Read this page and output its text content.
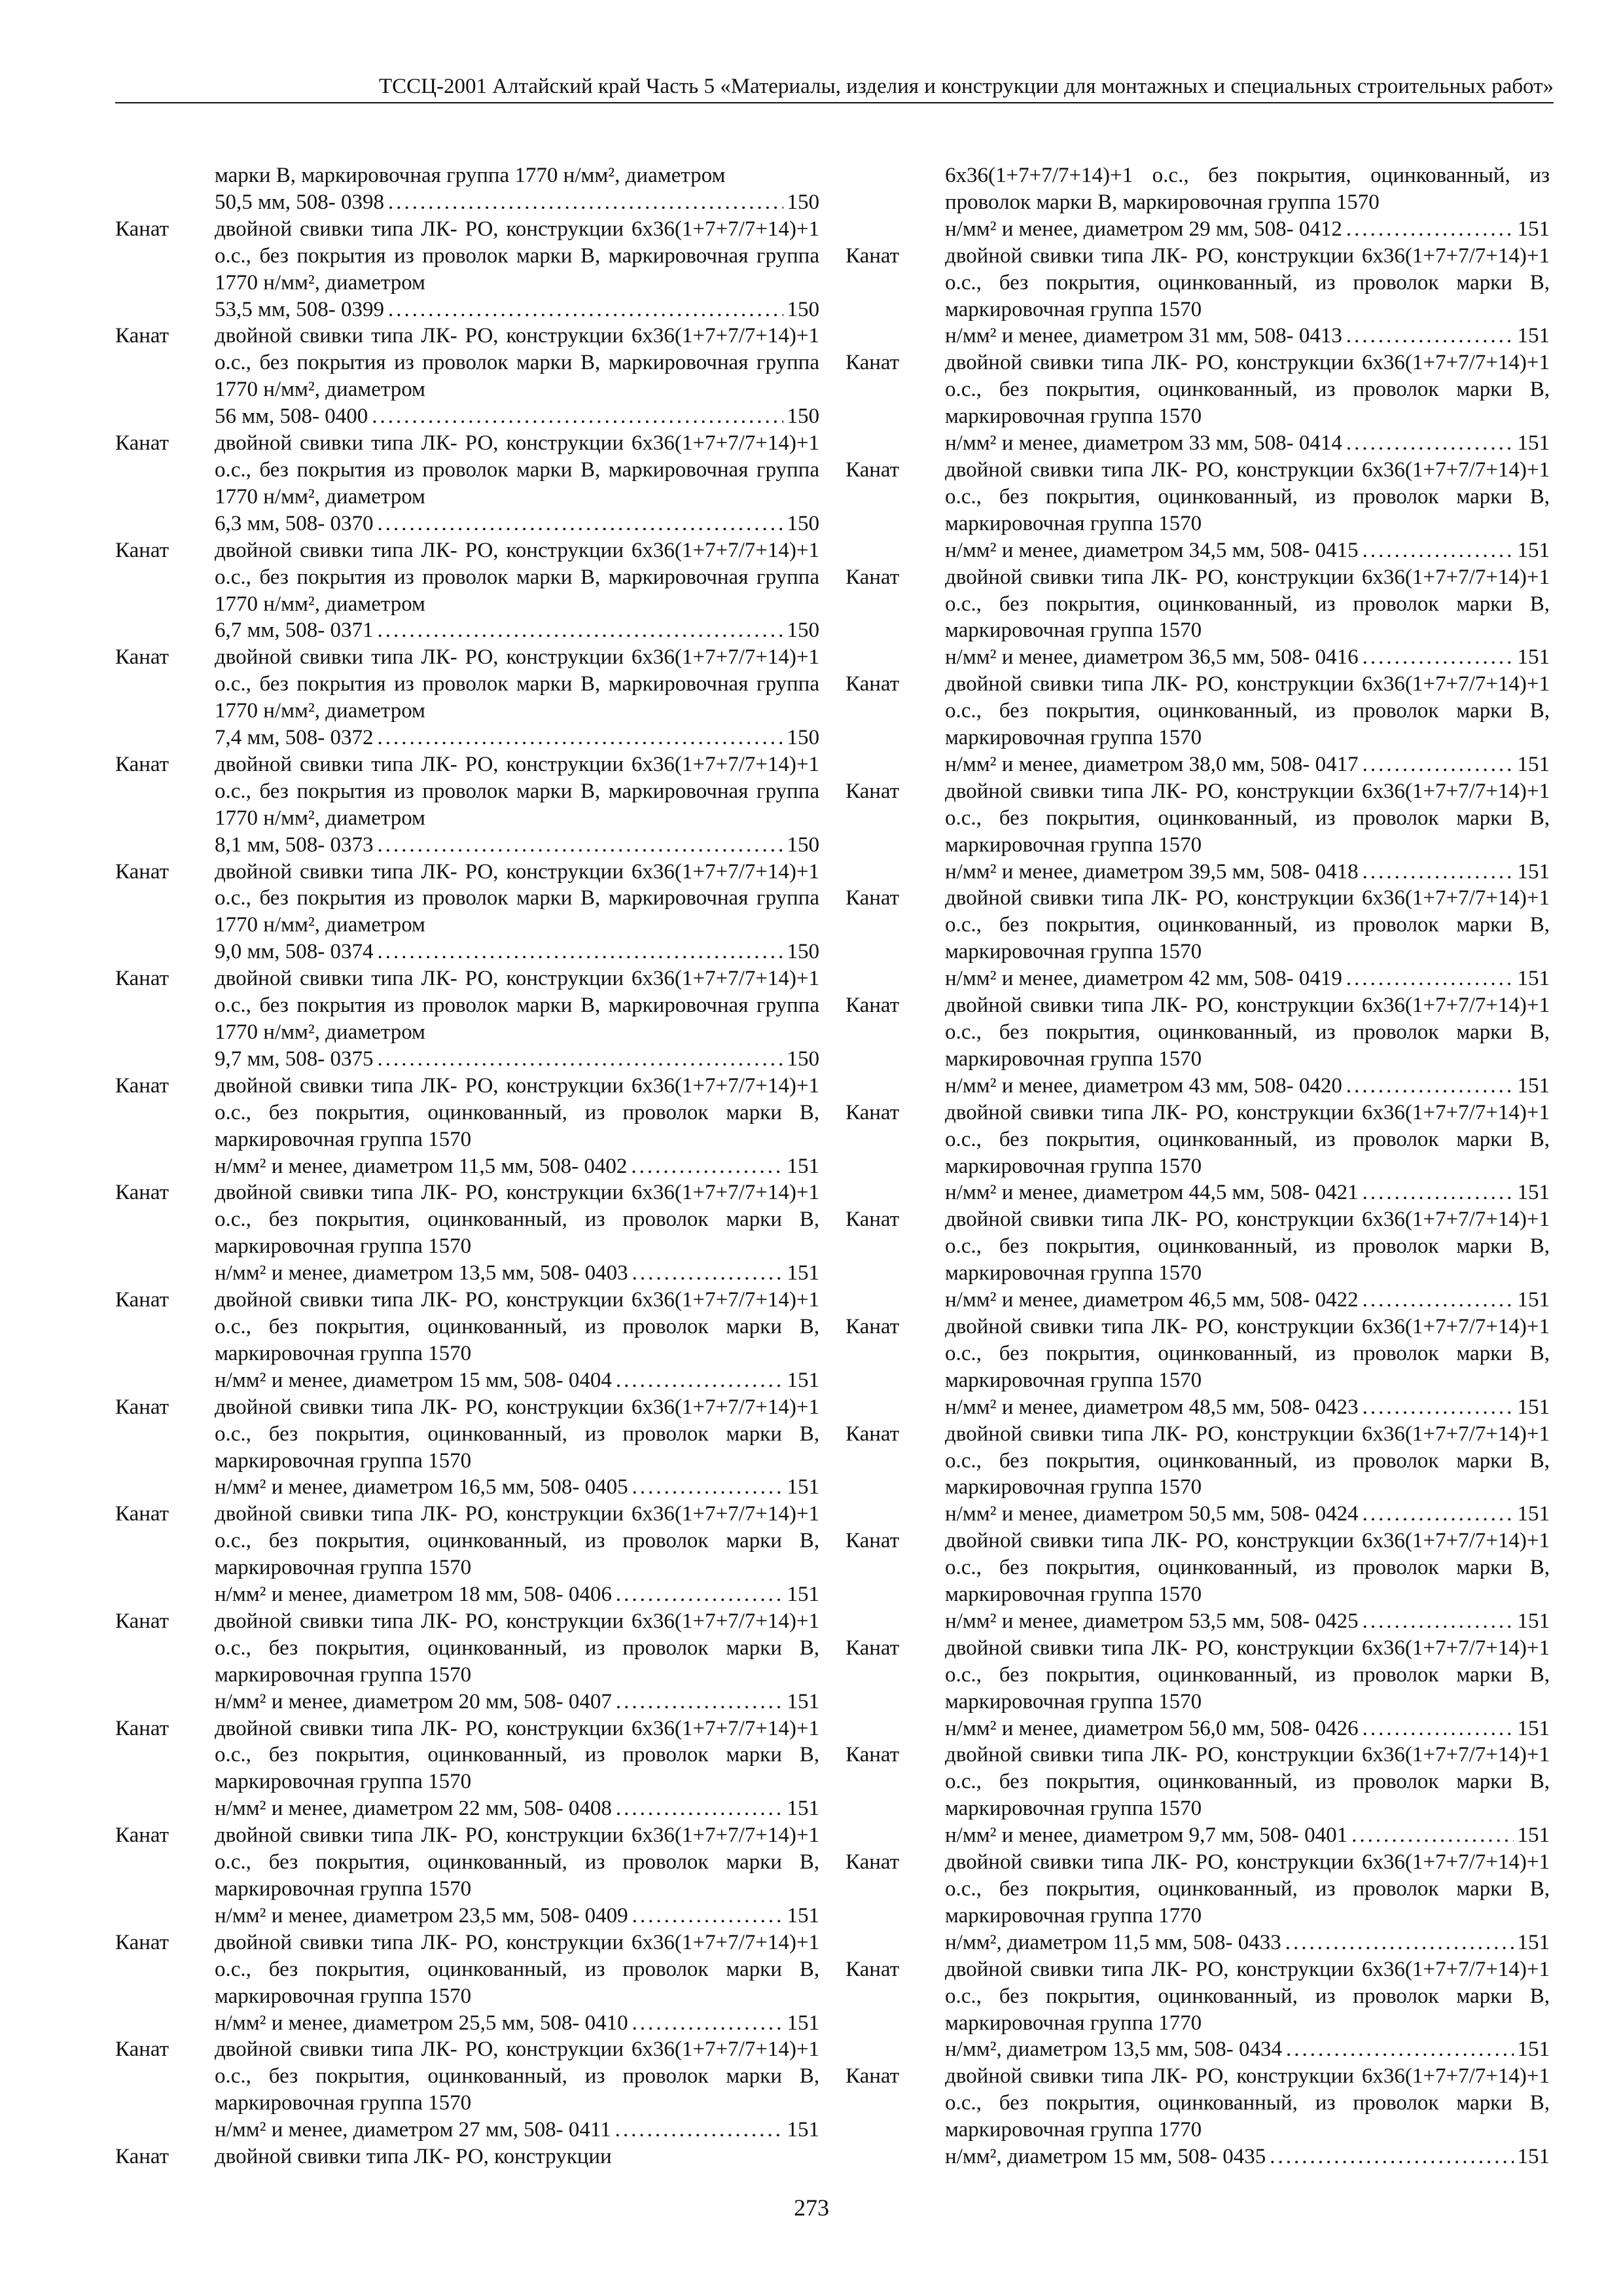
ТССЦ-2001 Алтайский край Часть 5 «Материалы, изделия и конструкции для монтажных и специальных строительных работ»
марки В, маркировочная группа 1770 н/мм², диаметром
50,5 мм, 508- 0398 .....	150
Канат	двойной свивки типа ЛК- РО, конструкции 6х36(1+7+7/7+14)+1 о.с., без покрытия из проволок марки В, маркировочная группа 1770 н/мм², диаметром
53,5 мм, 508- 0399 .....	150
Канат	двойной свивки типа ЛК- РО, конструкции 6х36(1+7+7/7+14)+1 о.с., без покрытия из проволок марки В, маркировочная группа 1770 н/мм², диаметром
56 мм, 508- 0400 .....	150
Канат	двойной свивки типа ЛК- РО, конструкции 6х36(1+7+7/7+14)+1 о.с., без покрытия из проволок марки В, маркировочная группа 1770 н/мм², диаметром
6,3 мм, 508- 0370 .....	150
Канат	двойной свивки типа ЛК- РО, конструкции 6х36(1+7+7/7+14)+1 о.с., без покрытия из проволок марки В, маркировочная группа 1770 н/мм², диаметром
6,7 мм, 508- 0371 .....	150
Канат	двойной свивки типа ЛК- РО, конструкции 6х36(1+7+7/7+14)+1 о.с., без покрытия из проволок марки В, маркировочная группа 1770 н/мм², диаметром
7,4 мм, 508- 0372 .....	150
Канат	двойной свивки типа ЛК- РО, конструкции 6х36(1+7+7/7+14)+1 о.с., без покрытия из проволок марки В, маркировочная группа 1770 н/мм², диаметром
8,1 мм, 508- 0373 .....	150
Канат	двойной свивки типа ЛК- РО, конструкции 6х36(1+7+7/7+14)+1 о.с., без покрытия из проволок марки В, маркировочная группа 1770 н/мм², диаметром
9,0 мм, 508- 0374 .....	150
Канат	двойной свивки типа ЛК- РО, конструкции 6х36(1+7+7/7+14)+1 о.с., без покрытия из проволок марки В, маркировочная группа 1770 н/мм², диаметром
9,7 мм, 508- 0375 .....	150
Канат	двойной свивки типа ЛК- РО, конструкции 6х36(1+7+7/7+14)+1 о.с., без покрытия, оцинкованный, из проволок марки В, маркировочная группа 1570
н/мм² и менее, диаметром 11,5 мм, 508- 0402 .....	151
Канат	двойной свивки типа ЛК- РО, конструкции 6х36(1+7+7/7+14)+1 о.с., без покрытия, оцинкованный, из проволок марки В, маркировочная группа 1570
н/мм² и менее, диаметром 13,5 мм, 508- 0403 .....	151
Канат	двойной свивки типа ЛК- РО, конструкции 6х36(1+7+7/7+14)+1 о.с., без покрытия, оцинкованный, из проволок марки В, маркировочная группа 1570
н/мм² и менее, диаметром 15 мм, 508- 0404 .....	151
Канат	двойной свивки типа ЛК- РО, конструкции 6х36(1+7+7/7+14)+1 о.с., без покрытия, оцинкованный, из проволок марки В, маркировочная группа 1570
н/мм² и менее, диаметром 16,5 мм, 508- 0405 .....	151
Канат	двойной свивки типа ЛК- РО, конструкции 6х36(1+7+7/7+14)+1 о.с., без покрытия, оцинкованный, из проволок марки В, маркировочная группа 1570
н/мм² и менее, диаметром 18 мм, 508- 0406 .....	151
Канат	двойной свивки типа ЛК- РО, конструкции 6х36(1+7+7/7+14)+1 о.с., без покрытия, оцинкованный, из проволок марки В, маркировочная группа 1570
н/мм² и менее, диаметром 20 мм, 508- 0407 .....	151
Канат	двойной свивки типа ЛК- РО, конструкции 6х36(1+7+7/7+14)+1 о.с., без покрытия, оцинкованный, из проволок марки В, маркировочная группа 1570
н/мм² и менее, диаметром 22 мм, 508- 0408 .....	151
Канат	двойной свивки типа ЛК- РО, конструкции 6х36(1+7+7/7+14)+1 о.с., без покрытия, оцинкованный, из проволок марки В, маркировочная группа 1570
н/мм² и менее, диаметром 23,5 мм, 508- 0409 .....	151
Канат	двойной свивки типа ЛК- РО, конструкции 6х36(1+7+7/7+14)+1 о.с., без покрытия, оцинкованный, из проволок марки В, маркировочная группа 1570
н/мм² и менее, диаметром 25,5 мм, 508- 0410 .....	151
Канат	двойной свивки типа ЛК- РО, конструкции 6х36(1+7+7/7+14)+1 о.с., без покрытия, оцинкованный, из проволок марки В, маркировочная группа 1570
н/мм² и менее, диаметром 27 мм, 508- 0411 .....	151
Канат	двойной свивки типа ЛК- РО, конструкции
6х36(1+7+7/7+14)+1 о.с., без покрытия, оцинкованный, из проволок марки В, маркировочная группа 1570
н/мм² и менее, диаметром 29 мм, 508- 0412 .....	151
Канат	двойной свивки типа ЛК- РО, конструкции 6х36(1+7+7/7+14)+1 о.с., без покрытия, оцинкованный, из проволок марки В, маркировочная группа 1570
н/мм² и менее, диаметром 31 мм, 508- 0413 .....	151
Канат	двойной свивки типа ЛК- РО, конструкции 6х36(1+7+7/7+14)+1 о.с., без покрытия, оцинкованный, из проволок марки В, маркировочная группа 1570
н/мм² и менее, диаметром 33 мм, 508- 0414 .....	151
Канат	двойной свивки типа ЛК- РО, конструкции 6х36(1+7+7/7+14)+1 о.с., без покрытия, оцинкованный, из проволок марки В, маркировочная группа 1570
н/мм² и менее, диаметром 34,5 мм, 508- 0415 .....	151
Канат	двойной свивки типа ЛК- РО, конструкции 6х36(1+7+7/7+14)+1 о.с., без покрытия, оцинкованный, из проволок марки В, маркировочная группа 1570
н/мм² и менее, диаметром 36,5 мм, 508- 0416 .....	151
Канат	двойной свивки типа ЛК- РО, конструкции 6х36(1+7+7/7+14)+1 о.с., без покрытия, оцинкованный, из проволок марки В, маркировочная группа 1570
н/мм² и менее, диаметром 38,0 мм, 508- 0417 .....	151
Канат	двойной свивки типа ЛК- РО, конструкции 6х36(1+7+7/7+14)+1 о.с., без покрытия, оцинкованный, из проволок марки В, маркировочная группа 1570
н/мм² и менее, диаметром 39,5 мм, 508- 0418 .....	151
Канат	двойной свивки типа ЛК- РО, конструкции 6х36(1+7+7/7+14)+1 о.с., без покрытия, оцинкованный, из проволок марки В, маркировочная группа 1570
н/мм² и менее, диаметром 42 мм, 508- 0419 .....	151
Канат	двойной свивки типа ЛК- РО, конструкции 6х36(1+7+7/7+14)+1 о.с., без покрытия, оцинкованный, из проволок марки В, маркировочная группа 1570
н/мм² и менее, диаметром 43 мм, 508- 0420 .....	151
Канат	двойной свивки типа ЛК- РО, конструкции 6х36(1+7+7/7+14)+1 о.с., без покрытия, оцинкованный, из проволок марки В, маркировочная группа 1570
н/мм² и менее, диаметром 44,5 мм, 508- 0421 .....	151
Канат	двойной свивки типа ЛК- РО, конструкции 6х36(1+7+7/7+14)+1 о.с., без покрытия, оцинкованный, из проволок марки В, маркировочная группа 1570
н/мм² и менее, диаметром 46,5 мм, 508- 0422 .....	151
Канат	двойной свивки типа ЛК- РО, конструкции 6х36(1+7+7/7+14)+1 о.с., без покрытия, оцинкованный, из проволок марки В, маркировочная группа 1570
н/мм² и менее, диаметром 48,5 мм, 508- 0423 .....	151
Канат	двойной свивки типа ЛК- РО, конструкции 6х36(1+7+7/7+14)+1 о.с., без покрытия, оцинкованный, из проволок марки В, маркировочная группа 1570
н/мм² и менее, диаметром 50,5 мм, 508- 0424 .....	151
Канат	двойной свивки типа ЛК- РО, конструкции 6х36(1+7+7/7+14)+1 о.с., без покрытия, оцинкованный, из проволок марки В, маркировочная группа 1570
н/мм² и менее, диаметром 53,5 мм, 508- 0425 .....	151
Канат	двойной свивки типа ЛК- РО, конструкции 6х36(1+7+7/7+14)+1 о.с., без покрытия, оцинкованный, из проволок марки В, маркировочная группа 1570
н/мм² и менее, диаметром 56,0 мм, 508- 0426 .....	151
Канат	двойной свивки типа ЛК- РО, конструкции 6х36(1+7+7/7+14)+1 о.с., без покрытия, оцинкованный, из проволок марки В, маркировочная группа 1570
н/мм² и менее, диаметром 9,7 мм, 508- 0401 .....	151
Канат	двойной свивки типа ЛК- РО, конструкции 6х36(1+7+7/7+14)+1 о.с., без покрытия, оцинкованный, из проволок марки В, маркировочная группа 1770
н/мм², диаметром 11,5 мм, 508- 0433 .....	151
Канат	двойной свивки типа ЛК- РО, конструкции 6х36(1+7+7/7+14)+1 о.с., без покрытия, оцинкованный, из проволок марки В, маркировочная группа 1770
н/мм², диаметром 13,5 мм, 508- 0434 .....	151
Канат	двойной свивки типа ЛК- РО, конструкции 6х36(1+7+7/7+14)+1 о.с., без покрытия, оцинкованный, из проволок марки В, маркировочная группа 1770
н/мм², диаметром 15 мм, 508- 0435 .....	151
273
